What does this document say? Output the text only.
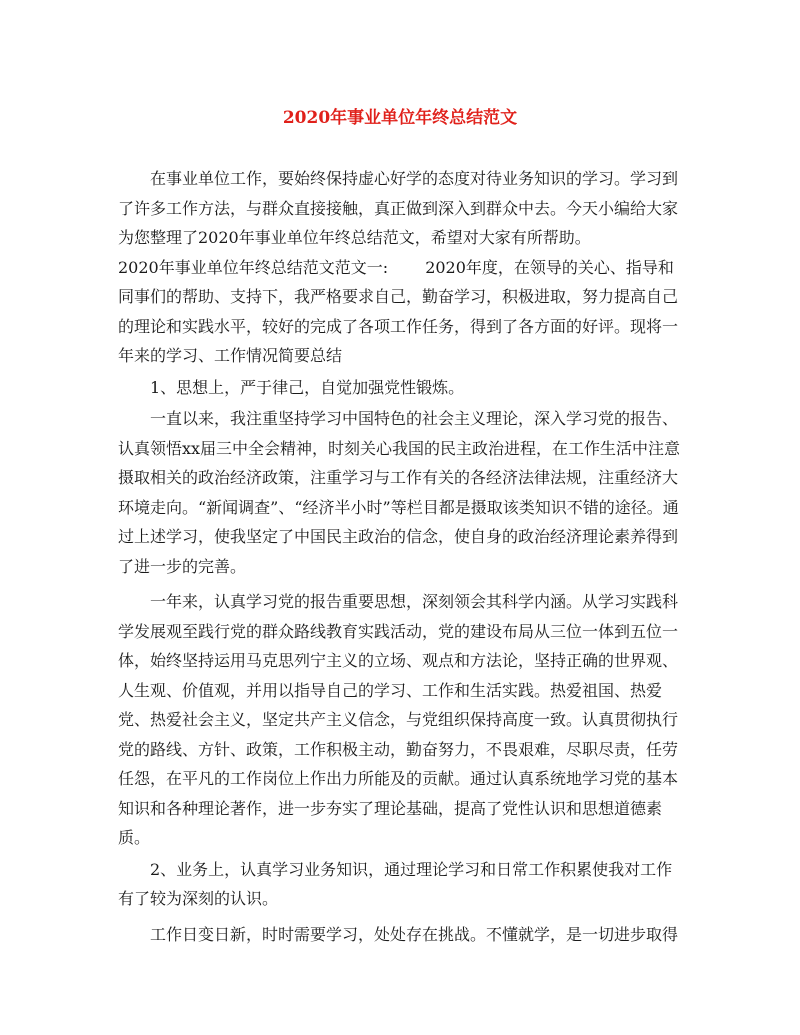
2020年事业单位年终总结范文

在事业单位工作，要始终保持虚心好学的态度对待业务知识的学习。学习到了许多工作方法，与群众直接接触，真正做到深入到群众中去。今天小编给大家为您整理了2020年事业单位年终总结范文，希望对大家有所帮助。

2020年事业单位年终总结范文范文一:　　 2020年度，在领导的关心、指导和同事们的帮助、支持下，我严格要求自己，勤奋学习，积极进取，努力提高自己的理论和实践水平，较好的完成了各项工作任务，得到了各方面的好评。现将一年来的学习、工作情况简要总结

1、思想上，严于律己，自觉加强党性锻炼。

一直以来，我注重坚持学习中国特色的社会主义理论，深入学习党的报告、认真领悟xx届三中全会精神，时刻关心我国的民主政治进程，在工作生活中注意摄取相关的政治经济政策，注重学习与工作有关的各经济法律法规，注重经济大环境走向。“新闻调查”、“经济半小时”等栏目都是摄取该类知识不错的途径。通过上述学习，使我坚定了中国民主政治的信念，使自身的政治经济理论素养得到了进一步的完善。

一年来，认真学习党的报告重要思想，深刻领会其科学内涵。从学习实践科学发展观至践行党的群众路线教育实践活动，党的建设布局从三位一体到五位一体，始终坚持运用马克思列宁主义的立场、观点和方法论，坚持正确的世界观、人生观、价值观，并用以指导自己的学习、工作和生活实践。热爱祖国、热爱党、热爱社会主义，坚定共产主义信念，与党组织保持高度一致。认真贯彻执行党的路线、方针、政策，工作积极主动，勤奋努力，不畏艰难，尽职尽责，任劳任怨，在平凡的工作岗位上作出力所能及的贡献。通过认真系统地学习党的基本知识和各种理论著作，进一步夯实了理论基础，提高了党性认识和思想道德素质。

2、业务上，认真学习业务知识，通过理论学习和日常工作积累使我对工作有了较为深刻的认识。

工作日变日新，时时需要学习，处处存在挑战。不懂就学，是一切进步取得
